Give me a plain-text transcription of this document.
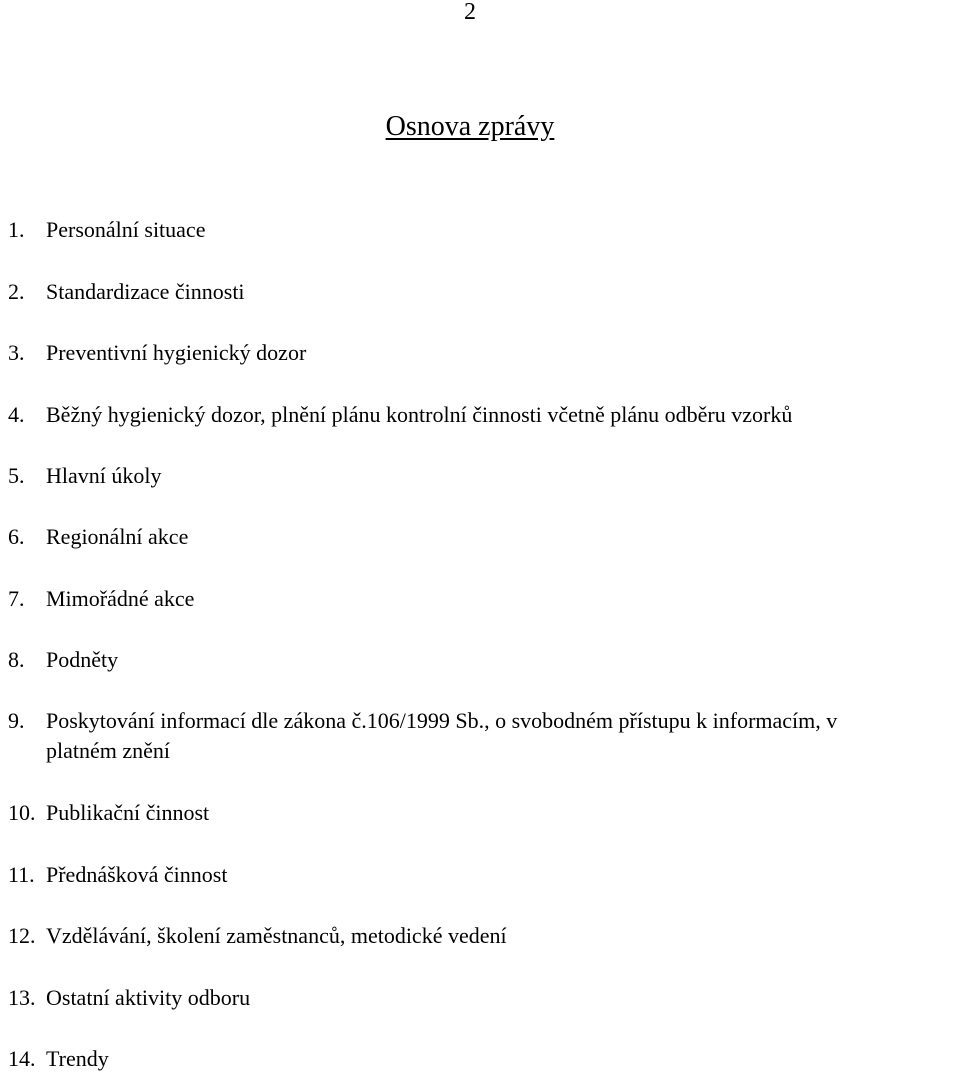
2
Osnova zprávy
1. Personální situace
2. Standardizace činnosti
3. Preventivní hygienický dozor
4. Běžný hygienický dozor, plnění plánu kontrolní činnosti včetně plánu odběru vzorků
5. Hlavní úkoly
6. Regionální akce
7. Mimořádné akce
8. Podněty
9. Poskytování informací dle zákona č.106/1999 Sb., o svobodném přístupu k informacím, v platném znění
10. Publikační činnost
11. Přednášková činnost
12. Vzdělávání, školení zaměstnanců, metodické vedení
13. Ostatní aktivity odboru
14. Trendy
